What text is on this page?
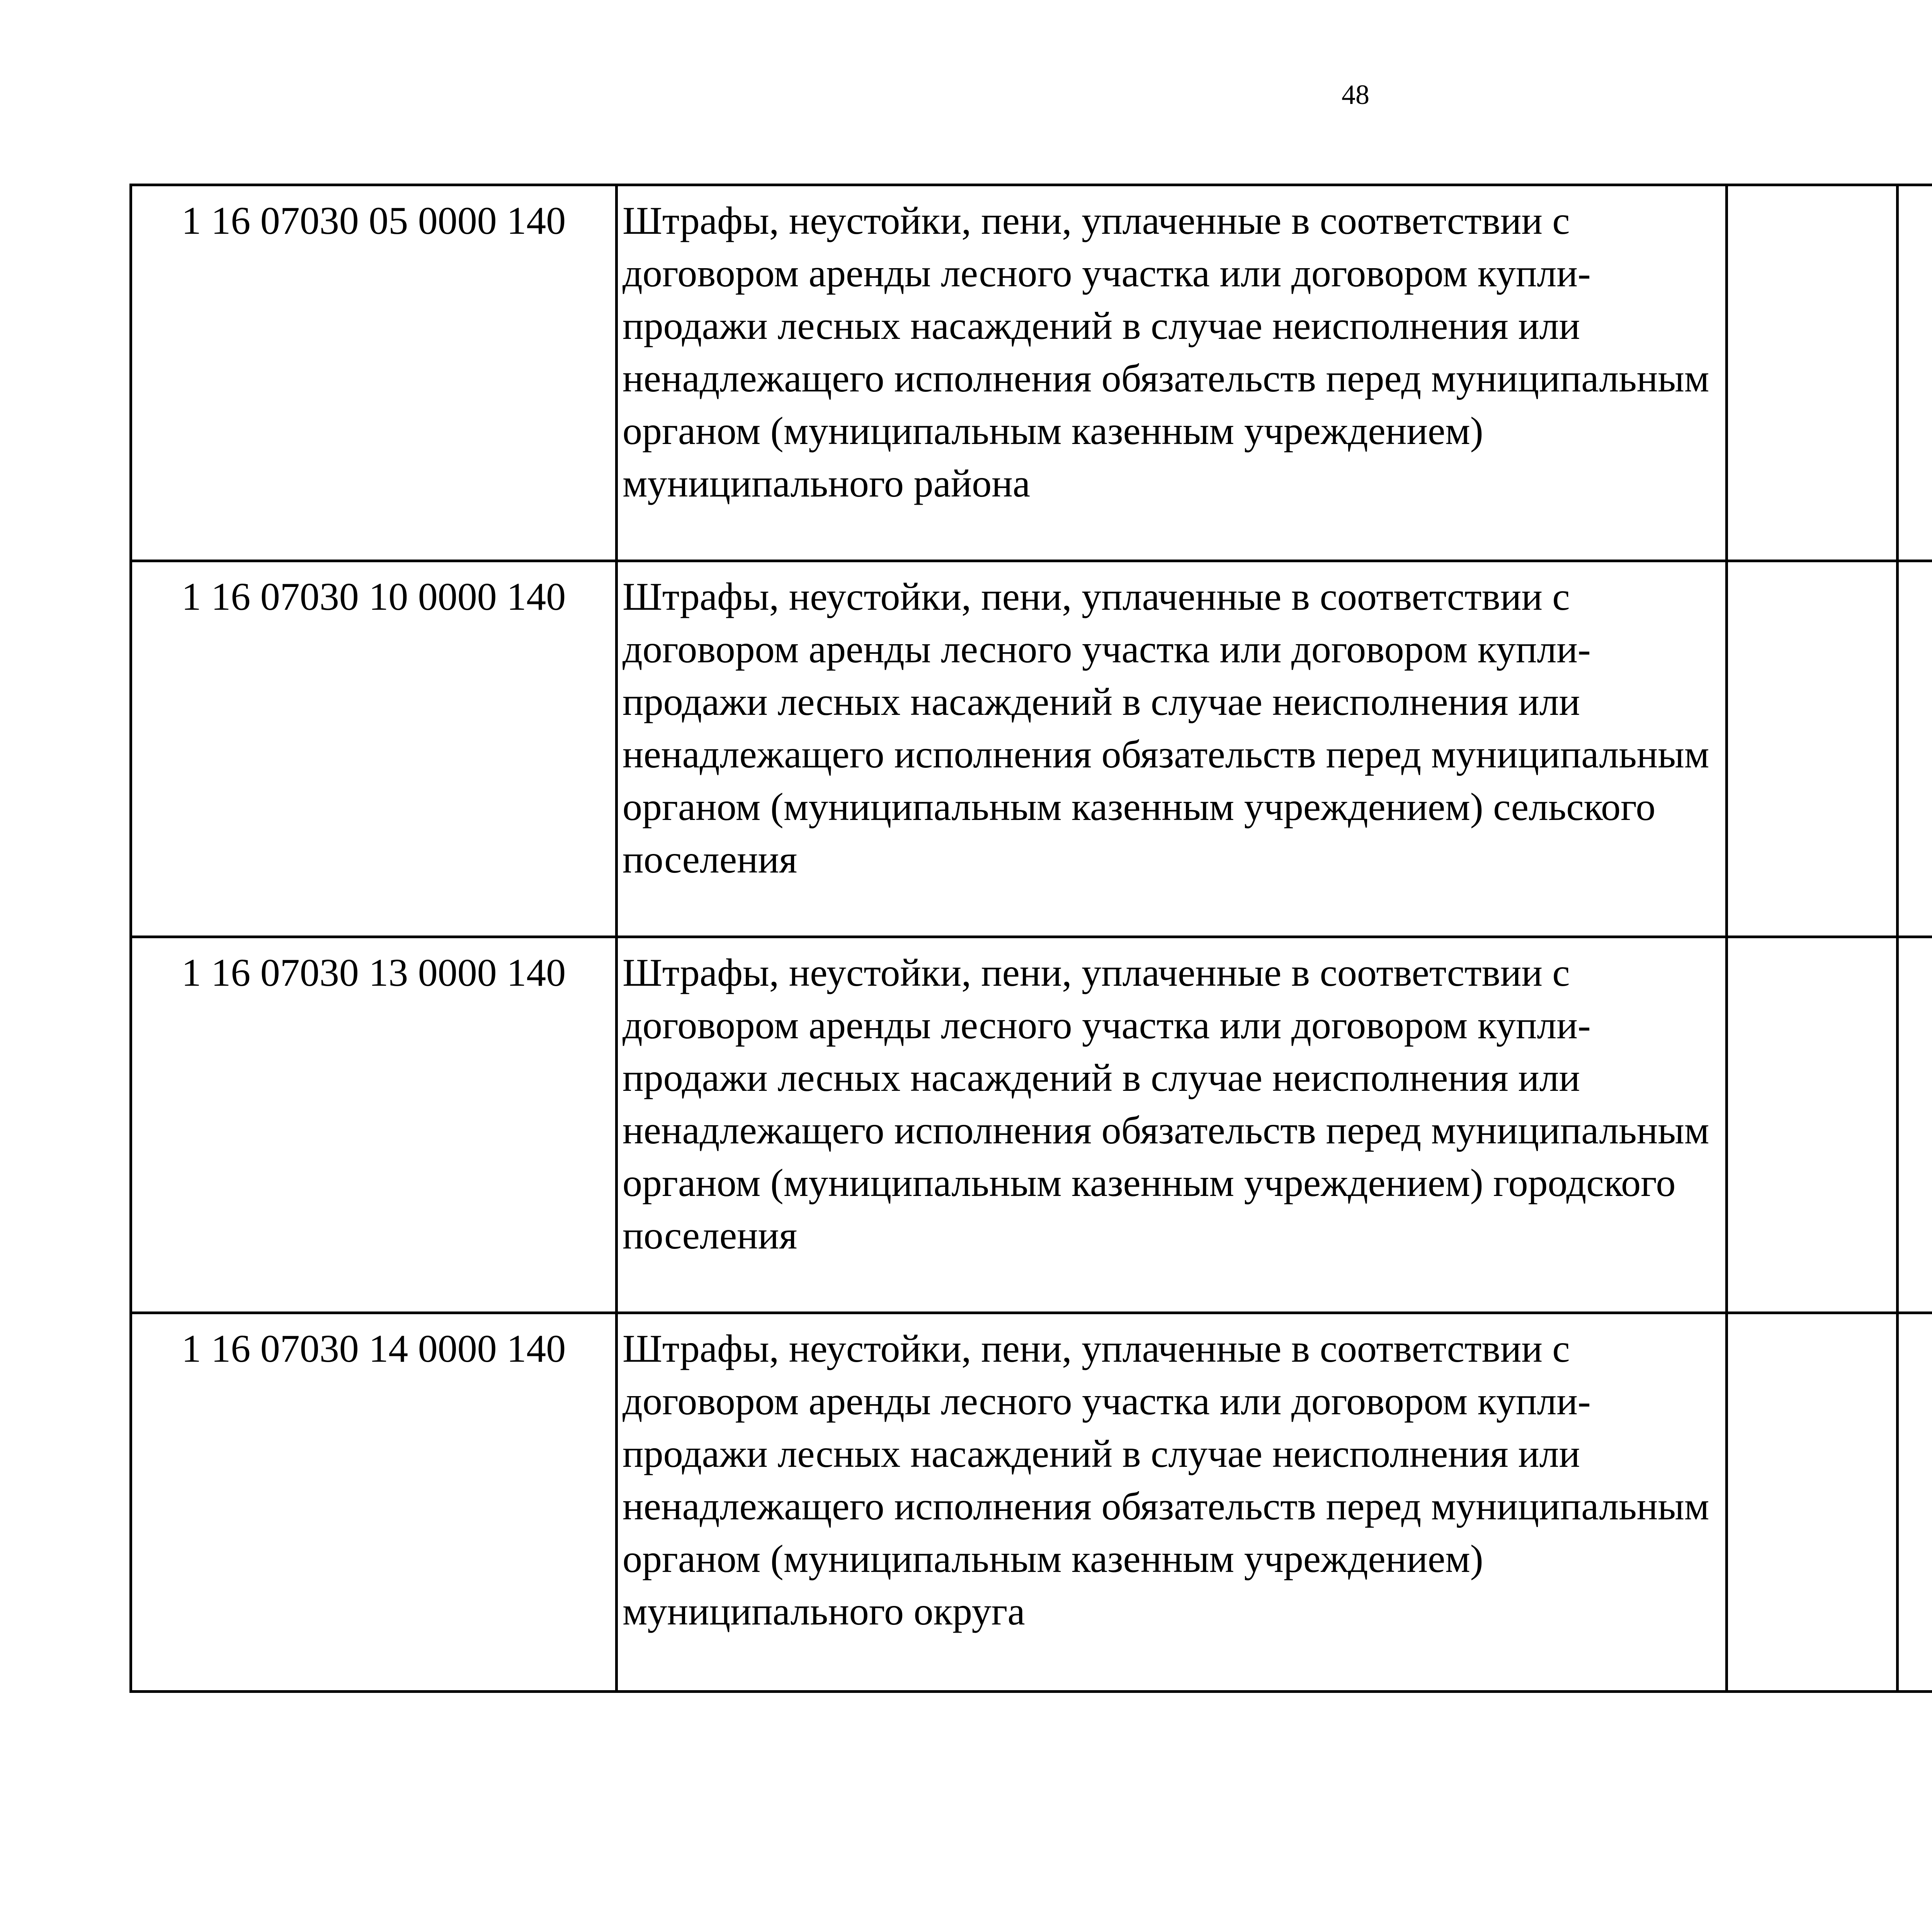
48
1 16 07030 05 0000 140	Штрафы, неустойки, пени, уплаченные в соответствии с договором аренды лесного участка или договором купли-продажи лесных насаждений в случае неисполнения или ненадлежащего исполнения обязательств перед муниципальным органом (муниципальным казенным учреждением) муниципального района					
1 16 07030 10 0000 140	Штрафы, неустойки, пени, уплаченные в соответствии с договором аренды лесного участка или договором купли-продажи лесных насаждений в случае неисполнения или ненадлежащего исполнения обязательств перед муниципальным органом (муниципальным казенным учреждением) сельского поселения					
1 16 07030 13 0000 140	Штрафы, неустойки, пени, уплаченные в соответствии с договором аренды лесного участка или договором купли-продажи лесных насаждений в случае неисполнения или ненадлежащего исполнения обязательств перед муниципальным органом (муниципальным казенным учреждением) городского поселения					
1 16 07030 14 0000 140	Штрафы, неустойки, пени, уплаченные в соответствии с договором аренды лесного участка или договором купли-продажи лесных насаждений в случае неисполнения или ненадлежащего исполнения обязательств перед муниципальным органом (муниципальным казенным учреждением) муниципального округа					
